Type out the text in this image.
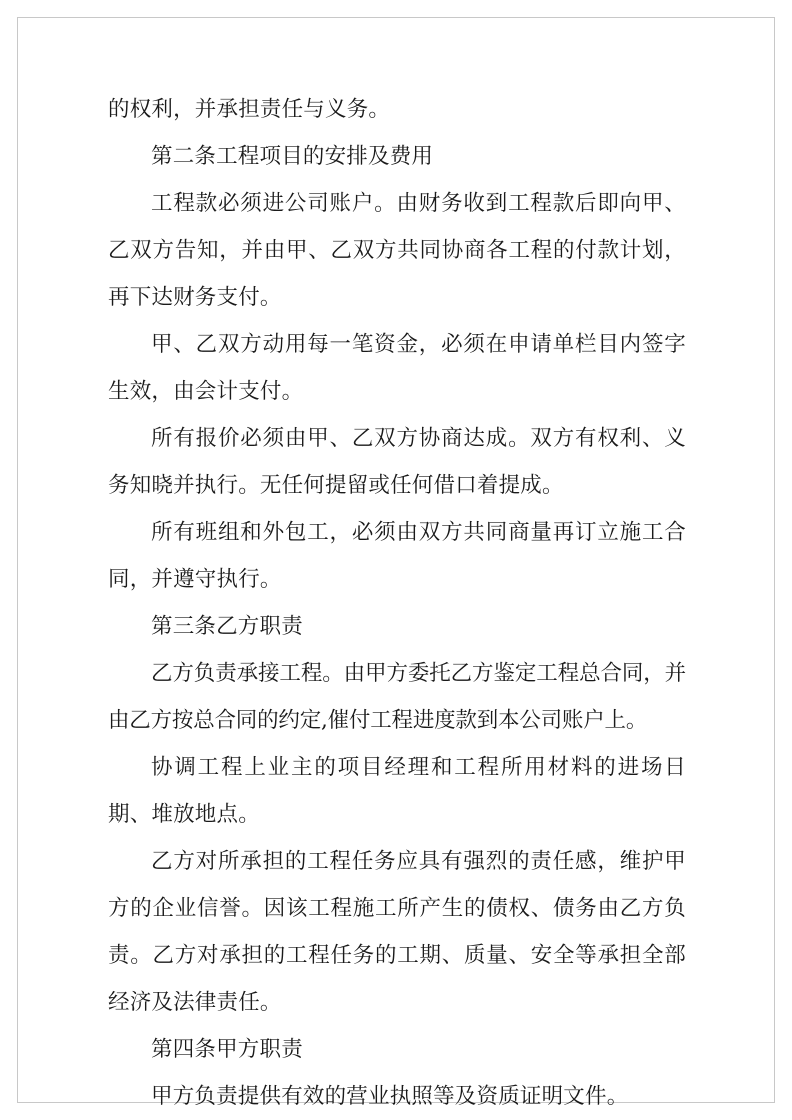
的权利，并承担责任与义务。

第二条工程项目的安排及费用

工程款必须进公司账户。由财务收到工程款后即向甲、乙双方告知，并由甲、乙双方共同协商各工程的付款计划，再下达财务支付。

甲、乙双方动用每一笔资金，必须在申请单栏目内签字生效，由会计支付。

所有报价必须由甲、乙双方协商达成。双方有权利、义务知晓并执行。无任何提留或任何借口着提成。

所有班组和外包工，必须由双方共同商量再订立施工合同，并遵守执行。

第三条乙方职责

乙方负责承接工程。由甲方委托乙方鉴定工程总合同，并由乙方按总合同的约定,催付工程进度款到本公司账户上。

协调工程上业主的项目经理和工程所用材料的进场日期、堆放地点。

乙方对所承担的工程任务应具有强烈的责任感，维护甲方的企业信誉。因该工程施工所产生的债权、债务由乙方负责。乙方对承担的工程任务的工期、质量、安全等承担全部经济及法律责任。

第四条甲方职责

甲方负责提供有效的营业执照等及资质证明文件。
